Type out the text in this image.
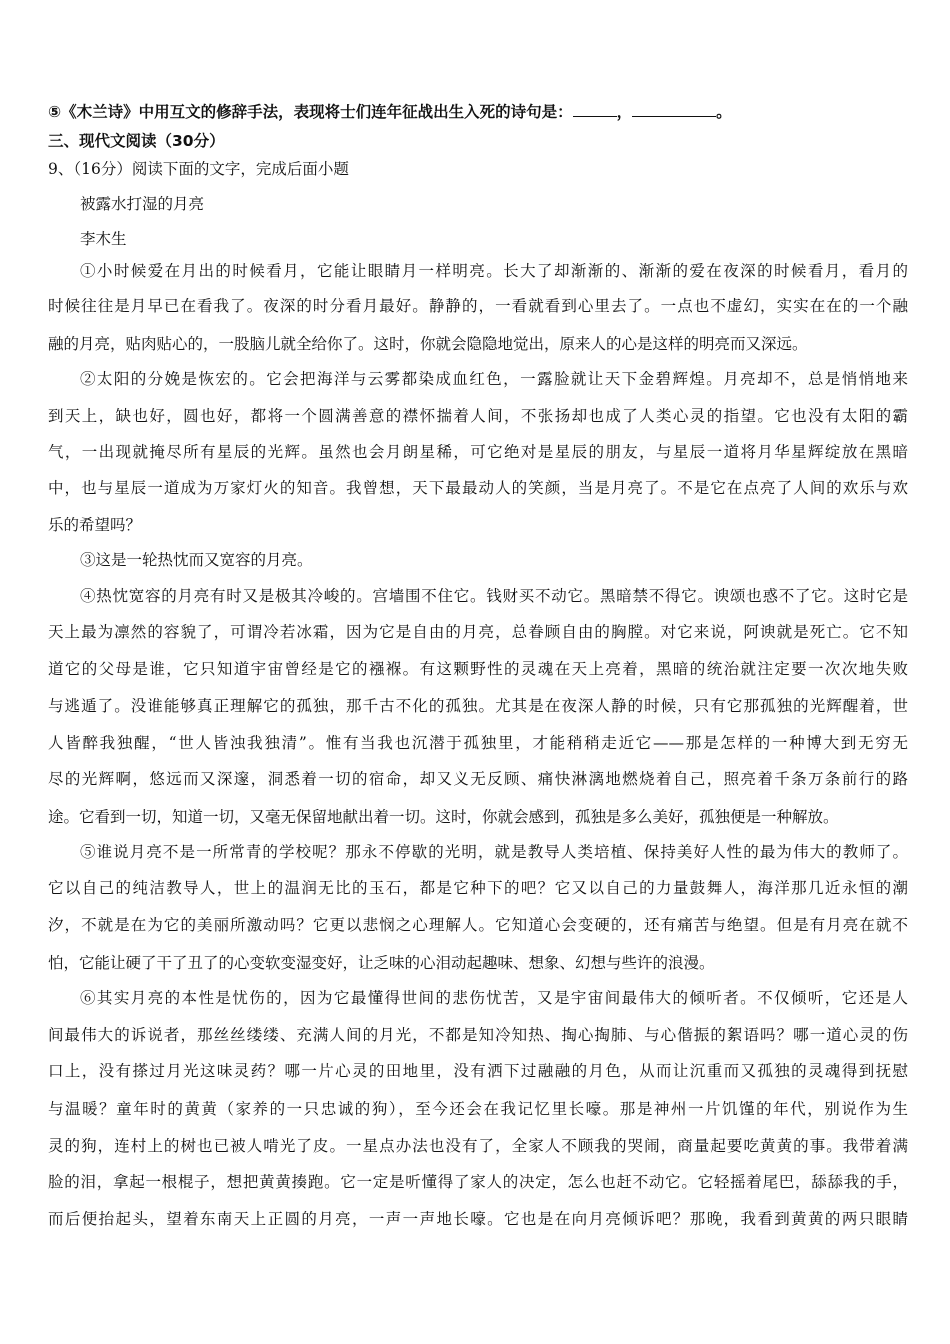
⑤《木兰诗》中用互文的修辞手法，表现将士们连年征战出生入死的诗句是：	，	。
三、现代文阅读（30分）
9、（16分）阅读下面的文字，完成后面小题
被露水打湿的月亮
李木生
①小时候爱在月出的时候看月，它能让眼睛月一样明亮。长大了却渐渐的、渐渐的爱在夜深的时候看月，看月的
时候往往是月早已在看我了。夜深的时分看月最好。静静的，一看就看到心里去了。一点也不虚幻，实实在在的一个融
融的月亮，贴肉贴心的，一股脑儿就全给你了。这时，你就会隐隐地觉出，原来人的心是这样的明亮而又深远。
②太阳的分娩是恢宏的。它会把海洋与云雾都染成血红色，一露脸就让天下金碧辉煌。月亮却不，总是悄悄地来
到天上，缺也好，圆也好，都将一个圆满善意的襟怀揣着人间，不张扬却也成了人类心灵的指望。它也没有太阳的霸
气，一出现就掩尽所有星辰的光辉。虽然也会月朗星稀，可它绝对是星辰的朋友，与星辰一道将月华星辉绽放在黑暗
中，也与星辰一道成为万家灯火的知音。我曾想，天下最最动人的笑颜，当是月亮了。不是它在点亮了人间的欢乐与欢
乐的希望吗？
③这是一轮热忱而又宽容的月亮。
④热忱宽容的月亮有时又是极其冷峻的。宫墙围不住它。钱财买不动它。黑暗禁不得它。谀颂也惑不了它。这时它是
天上最为凛然的容貌了，可谓冷若冰霜，因为它是自由的月亮，总眷顾自由的胸膛。对它来说，阿谀就是死亡。它不知
道它的父母是谁，它只知道宇宙曾经是它的襁褓。有这颗野性的灵魂在天上亮着，黑暗的统治就注定要一次次地失败
与逃遁了。没谁能够真正理解它的孤独，那千古不化的孤独。尤其是在夜深人静的时候，只有它那孤独的光辉醒着，世
人皆醉我独醒，“世人皆浊我独清”。惟有当我也沉潜于孤独里，才能稍稍走近它——那是怎样的一种博大到无穷无
尽的光辉啊，悠远而又深邃，洞悉着一切的宿命，却又义无反顾、痛快淋漓地燃烧着自己，照亮着千条万条前行的路
途。它看到一切，知道一切，又毫无保留地献出着一切。这时，你就会感到，孤独是多么美好，孤独便是一种解放。
⑤谁说月亮不是一所常青的学校呢？那永不停歇的光明，就是教导人类培植、保持美好人性的最为伟大的教师了。
它以自己的纯洁教导人，世上的温润无比的玉石，都是它种下的吧？它又以自己的力量鼓舞人，海洋那几近永恒的潮
汐，不就是在为它的美丽所激动吗？它更以悲悯之心理解人。它知道心会变硬的，还有痛苦与绝望。但是有月亮在就不
怕，它能让硬了干了丑了的心变软变湿变好，让乏味的心泪动起趣味、想象、幻想与些许的浪漫。
⑥其实月亮的本性是忧伤的，因为它最懂得世间的悲伤忧苦，又是宇宙间最伟大的倾听者。不仅倾听，它还是人
间最伟大的诉说者，那丝丝缕缕、充满人间的月光，不都是知冷知热、掏心掏肺、与心偕振的絮语吗？哪一道心灵的伤
口上，没有搽过月光这味灵药？哪一片心灵的田地里，没有洒下过融融的月色，从而让沉重而又孤独的灵魂得到抚慰
与温暖？童年时的黄黄（家养的一只忠诚的狗），至今还会在我记忆里长嚎。那是神州一片饥馑的年代，别说作为生
灵的狗，连村上的树也已被人啃光了皮。一星点办法也没有了，全家人不顾我的哭闹，商量起要吃黄黄的事。我带着满
脸的泪，拿起一根棍子，想把黄黄揍跑。它一定是听懂得了家人的决定，怎么也赶不动它。它轻摇着尾巴，舔舔我的手，
而后便抬起头，望着东南天上正圆的月亮，一声一声地长嚎。它也是在向月亮倾诉吧？那晚，我看到黄黄的两只眼睛
